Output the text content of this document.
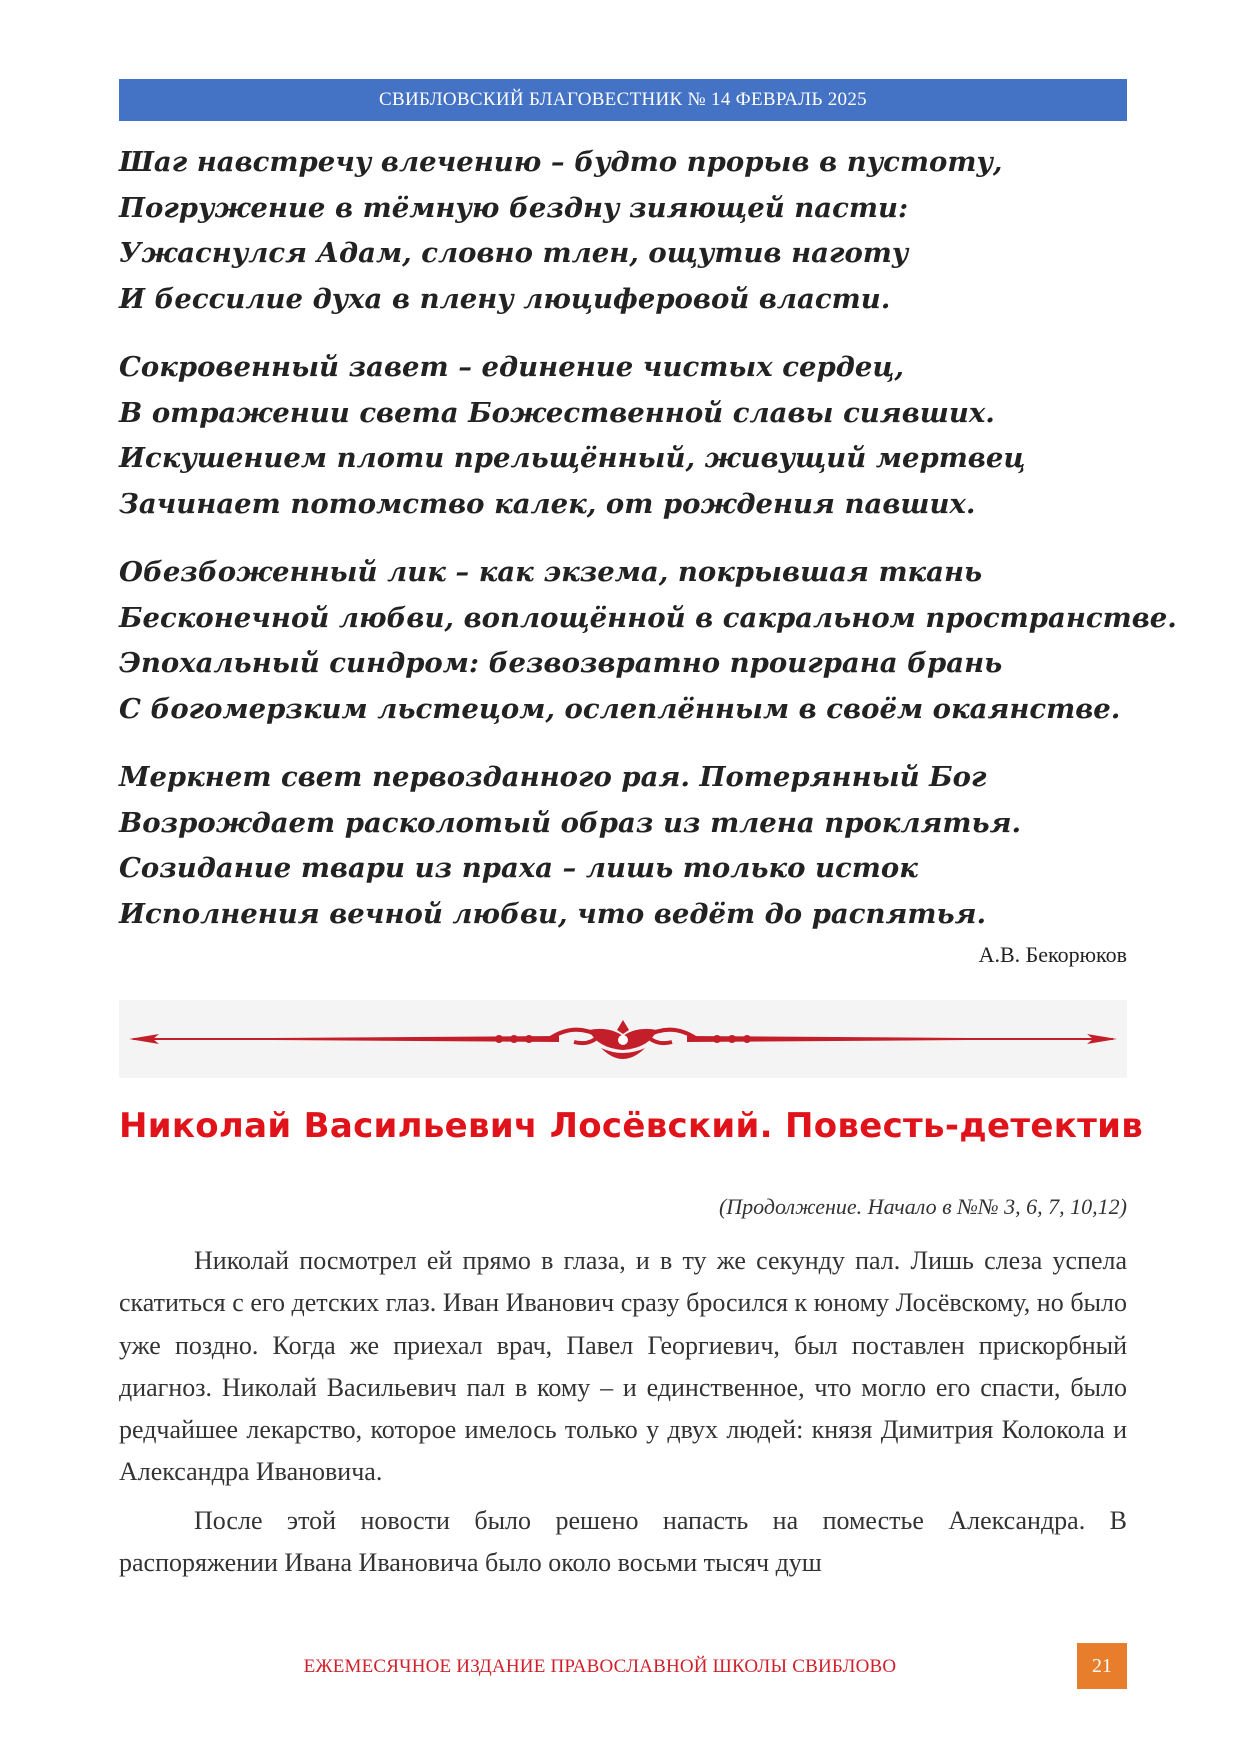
СВИБЛОВСКИЙ БЛАГОВЕСТНИК № 14 ФЕВРАЛЬ 2025
Шаг навстречу влечению – будто прорыв в пустоту,
Погружение в тёмную бездну зияющей пасти:
Ужаснулся Адам, словно тлен, ощутив наготу
И бессилие духа в плену люциферовой власти.
Сокровенный завет – единение чистых сердец,
В отражении света Божественной славы сиявших.
Искушением плоти прельщённый, живущий мертвец
Зачинает потомство калек, от рождения павших.
Обезбоженный лик – как экзема, покрывшая ткань
Бесконечной любви, воплощённой в сакральном пространстве.
Эпохальный синдром: безвозвратно проиграна брань
С богомерзким льстецом, ослеплённым в своём окаянстве.
Меркнет свет первозданного рая. Потерянный Бог
Возрождает расколотый образ из тлена проклятья.
Созидание твари из праха – лишь только исток
Исполнения вечной любви, что ведёт до распятья.
А.В. Бекорюков
Николай Васильевич Лосёвский. Повесть-детектив
(Продолжение. Начало в №№ 3, 6, 7, 10,12)

Николай посмотрел ей прямо в глаза, и в ту же секунду пал. Лишь слеза успела скатиться с его детских глаз. Иван Иванович сразу бросился к юному Лосёвскому, но было уже поздно. Когда же приехал врач, Павел Георгиевич, был поставлен прискорбный диагноз. Николай Васильевич пал в кому – и единственное, что могло его спасти, было редчайшее лекарство, которое имелось только у двух людей: князя Димитрия Колокола и Александра Ивановича.

После этой новости было решено напасть на поместье Александра. В распоряжении Ивана Ивановича было около восьми тысяч душ

ЕЖЕМЕСЯЧНОЕ ИЗДАНИЕ ПРАВОСЛАВНОЙ ШКОЛЫ СВИБЛОВО	21
